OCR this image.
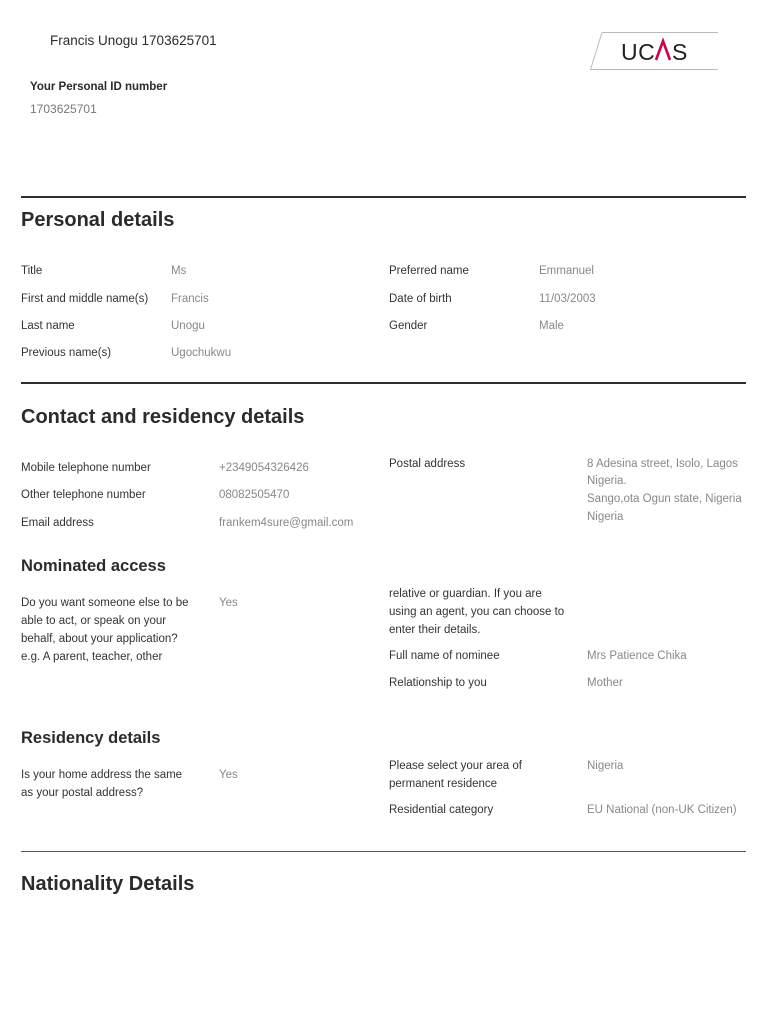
Francis Unogu 1703625701
Your Personal ID number
1703625701
UC S
Personal details
Title	Ms
First and middle name(s) Francis
Last name	Unogu
Previous name(s)	Ugochukwu
Preferred name	Emmanuel
Date of birth	11/03/2003
Gender	Male
Contact and residency details
Mobile telephone number	+2349054326426
Other telephone number	08082505470
Email address	frankem4sure@gmail.com
Postal address	8 Adesina street, Isolo, Lagos
Nigeria.
Sango,ota Ogun state, Nigeria
Nigeria
Nominated access
Do you want someone else to be
able to act, or speak on your
behalf, about your application?
e.g. A parent, teacher, other
Yes
relative or guardian. If you are
using an agent, you can choose to
enter their details.
Full name of nominee	Mrs Patience Chika
Relationship to you	Mother
Residency details
Is your home address the same
as your postal address?
Yes
Please select your area of
permanent residence
Nigeria
Residential category	EU National (non-UK Citizen)
Nationality Details
